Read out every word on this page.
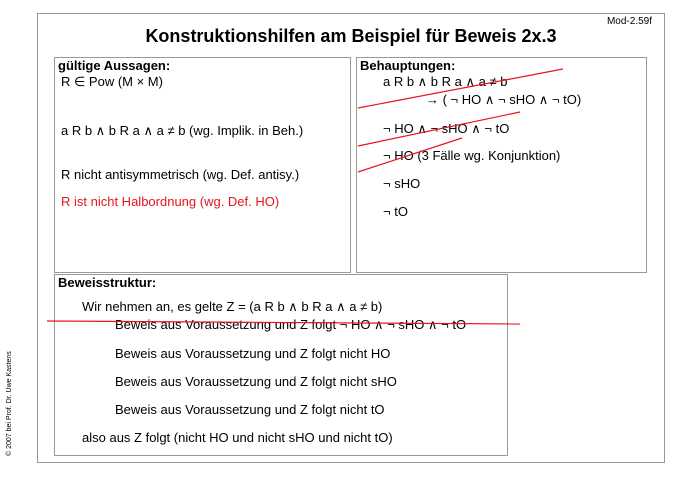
Mod-2.59f
Konstruktionshilfen am Beispiel für Beweis 2x.3
© 2007 bei Prof. Dr. Uwe Kastens
gültige Aussagen:
R ∈ Pow (M × M)
a R b ∧ b R a ∧ a ≠ b (wg. Implik. in Beh.)
R nicht antisymmetrisch (wg. Def. antisy.)
R ist nicht Halbordnung (wg. Def. HO)
Behauptungen:
a R b ∧ b R a ∧ a ≠ b
→ ( ¬ HO ∧ ¬ sHO ∧ ¬ tO)
¬ HO ∧ ¬ sHO ∧ ¬ tO
¬ HO (3 Fälle wg. Konjunktion)
¬ sHO
¬ tO
Beweisstruktur:
Wir nehmen an, es gelte Z = (a R b ∧ b R a ∧ a ≠ b)
Beweis aus Voraussetzung und Z folgt ¬ HO ∧ ¬ sHO ∧ ¬ tO
Beweis aus Voraussetzung und Z folgt nicht HO
Beweis aus Voraussetzung und Z folgt nicht sHO
Beweis aus Voraussetzung und Z folgt nicht tO
also aus Z folgt (nicht HO und nicht sHO und nicht tO)
